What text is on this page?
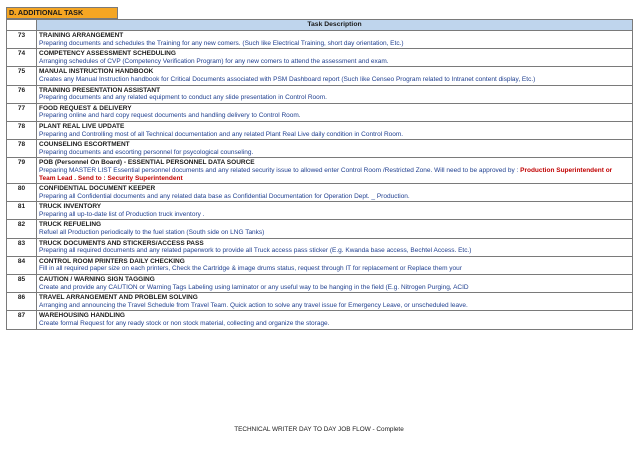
D. ADDITIONAL TASK
	Task Description
73	TRAINING ARRANGEMENT
Preparing documents and schedules the Training for any new comers. (Such like Electrical Training, short day orientation, Etc.)

74	COMPETENCY ASSESSMENT SCHEDULING
Arranging schedules of CVP (Competency Verification Program) for any new comers to attend the assessment and exam.

75	MANUAL INSTRUCTION HANDBOOK
Creates any Manual Instruction handbook for Critical Documents associated with PSM Dashboard report (Such like Censeo Program related to Intranet content display, Etc.)

76	TRAINING PRESENTATION ASSISTANT
Preparing documents and any related equipment to conduct any slide presentation in Control Room.

77	FOOD REQUEST & DELIVERY
Preparing online and hard copy request documents and handling delivery to Control Room.

78	PLANT REAL LIVE UPDATE
Preparing and Controlling most of all Technical documentation and any related Plant Real Live daily condition in Control Room.

78	COUNSELING ESCORTMENT
Preparing documents and escorting personnel for psycological counseling.

79	POB (Personnel On Board) - ESSENTIAL PERSONNEL DATA SOURCE
Preparing MASTER LIST Essential personnel documents and any related security issue to allowed enter Control Room /Restricted Zone. Will need to be approved by : Production Superintendent or Team Lead . Send to : Security Superintendent

80	CONFIDENTIAL DOCUMENT KEEPER
Preparing all Confidential documents and any related data base as Confidential Documentation for Operation Dept. _ Production.

81	TRUCK INVENTORY
Preparing all up-to-date list of Production truck inventory .

82	TRUCK REFUELING
Refuel all Production periodically to the fuel station (South side on LNG Tanks)

83	TRUCK DOCUMENTS AND STICKERS/ACCESS PASS
Preparing all required documents and any related paperwork to provide all Truck access pass sticker (E.g. Kwanda base access, Bechtel Access. Etc.)

84	CONTROL ROOM PRINTERS DAILY CHECKING
Fill in all required paper size on each printers, Check the Cartridge & image drums status, request through IT for replacement or Replace them your

85	CAUTION / WARNING SIGN TAGGING
Create and provide any CAUTION or Warning Tags Labeling using laminator or any useful way to be hanging in the field (E.g. Nitrogen Purging, ACID

86	TRAVEL ARRANGEMENT AND PROBLEM SOLVING
Arranging and announcing the Travel Schedule from Travel Team. Quick action to solve any travel issue for Emergency Leave, or unscheduled leave.

87	WAREHOUSING HANDLING
Create formal Request for any ready stock or non stock material, collecting and organize the storage.
TECHNICAL WRITER DAY TO DAY JOB FLOW - Complete
